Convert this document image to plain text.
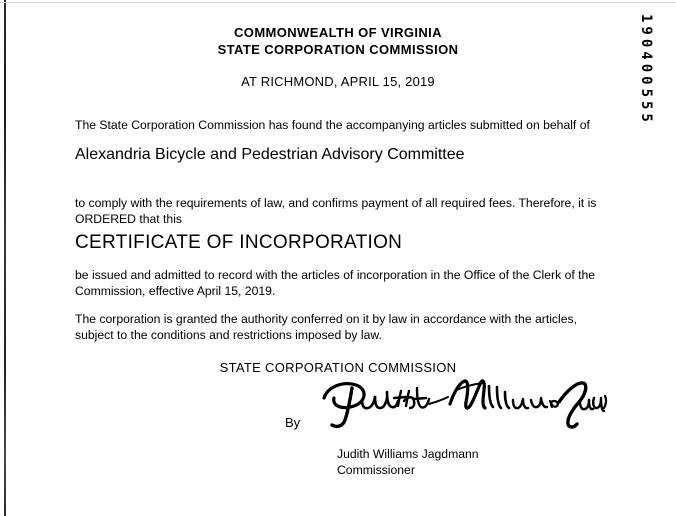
190400555
COMMONWEALTH OF VIRGINIA
STATE CORPORATION COMMISSION
AT RICHMOND, APRIL 15, 2019
The State Corporation Commission has found the accompanying articles submitted on behalf of
Alexandria Bicycle and Pedestrian Advisory Committee
to comply with the requirements of law, and confirms payment of all required fees. Therefore, it is ORDERED that this
CERTIFICATE OF INCORPORATION
be issued and admitted to record with the articles of incorporation in the Office of the Clerk of the Commission, effective April 15, 2019.
The corporation is granted the authority conferred on it by law in accordance with the articles, subject to the conditions and restrictions imposed by law.
STATE CORPORATION COMMISSION
By
Judith Williams Jagdmann
Commissioner
